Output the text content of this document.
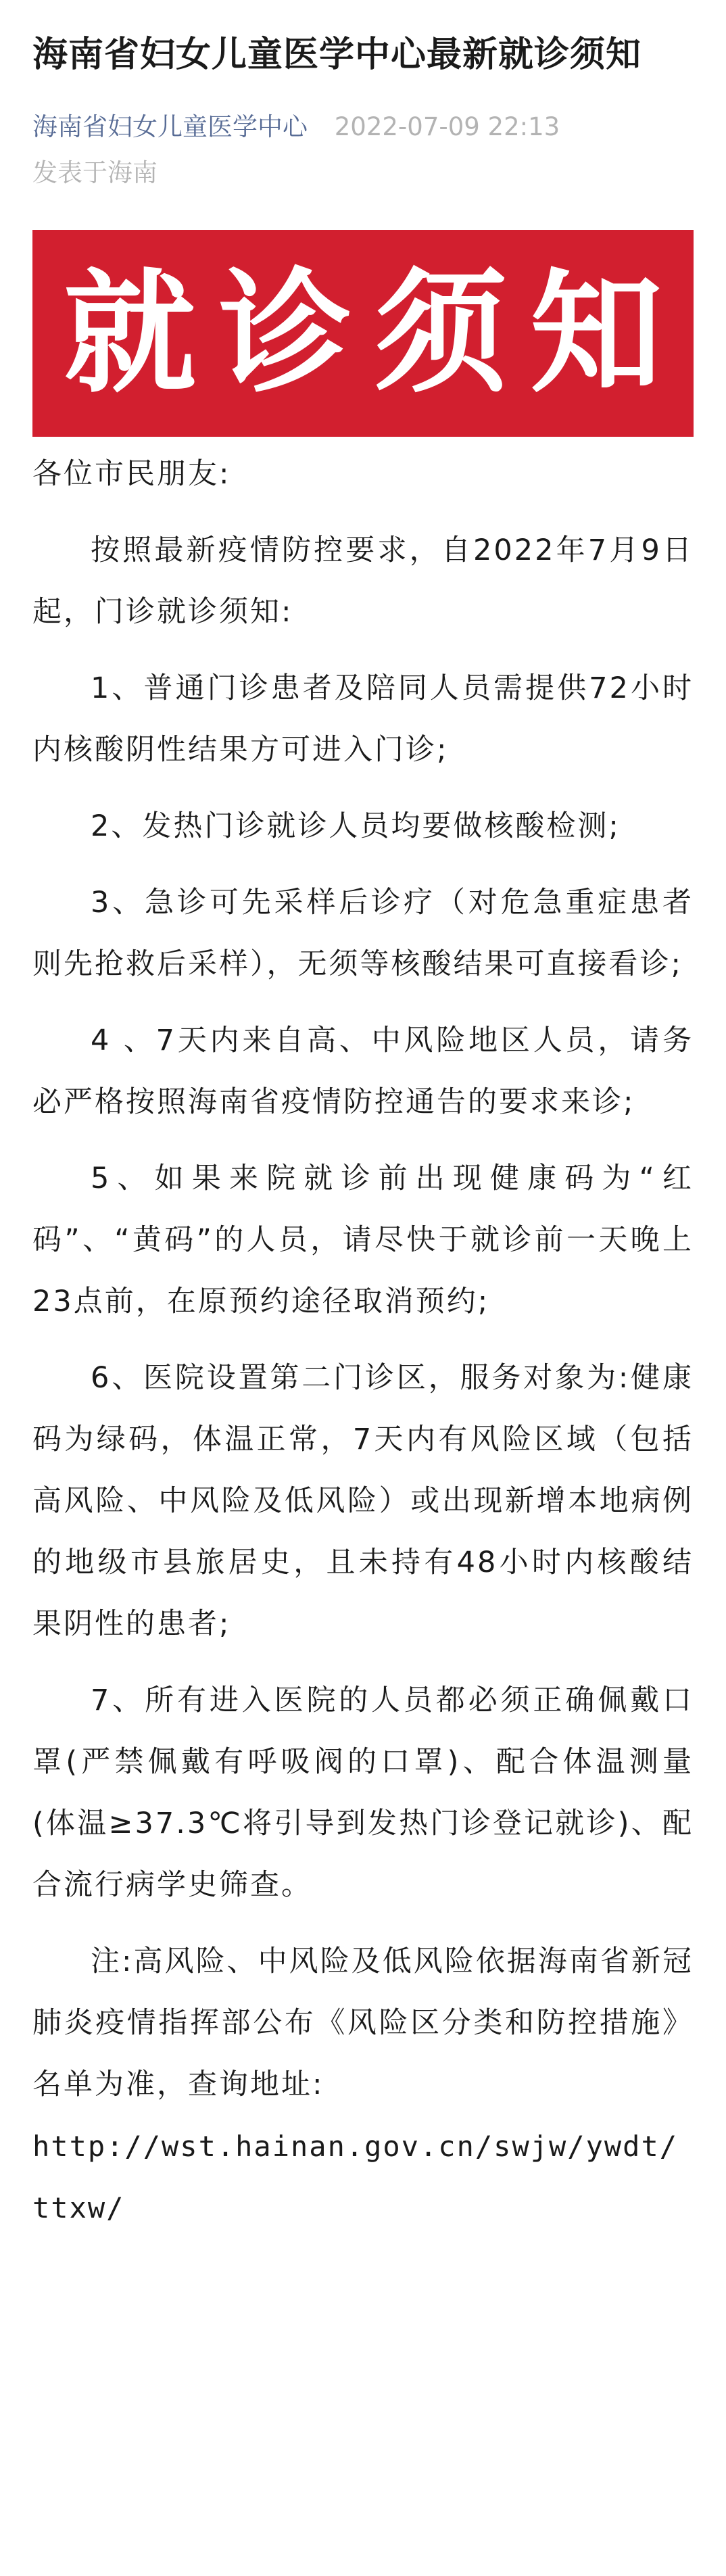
海南省妇女儿童医学中心最新就诊须知
海南省妇女儿童医学中心 2022-07-09 22:13
发表于海南
就诊须知

各位市民朋友:

按照最新疫情防控要求，自2022年7月9日起，门诊就诊须知:

1、普通门诊患者及陪同人员需提供72小时内核酸阴性结果方可进入门诊;

2、发热门诊就诊人员均要做核酸检测;

3、急诊可先采样后诊疗（对危急重症患者则先抢救后采样），无须等核酸结果可直接看诊;

4 、7天内来自高、中风险地区人员，请务必严格按照海南省疫情防控通告的要求来诊;

5、如果来院就诊前出现健康码为“红码”、“黄码”的人员，请尽快于就诊前一天晚上23点前，在原预约途径取消预约;

6、医院设置第二门诊区，服务对象为:健康码为绿码，体温正常，7天内有风险区域（包括高风险、中风险及低风险）或出现新增本地病例的地级市县旅居史，且未持有48小时内核酸结果阴性的患者;

7、所有进入医院的人员都必须正确佩戴口罩(严禁佩戴有呼吸阀的口罩)、配合体温测量(体温≥37.3℃将引导到发热门诊登记就诊)、配合流行病学史筛查。

注:高风险、中风险及低风险依据海南省新冠肺炎疫情指挥部公布《风险区分类和防控措施》名单为准，查询地址:

http://wst.hainan.gov.cn/swjw/ywdt/ttxw/
